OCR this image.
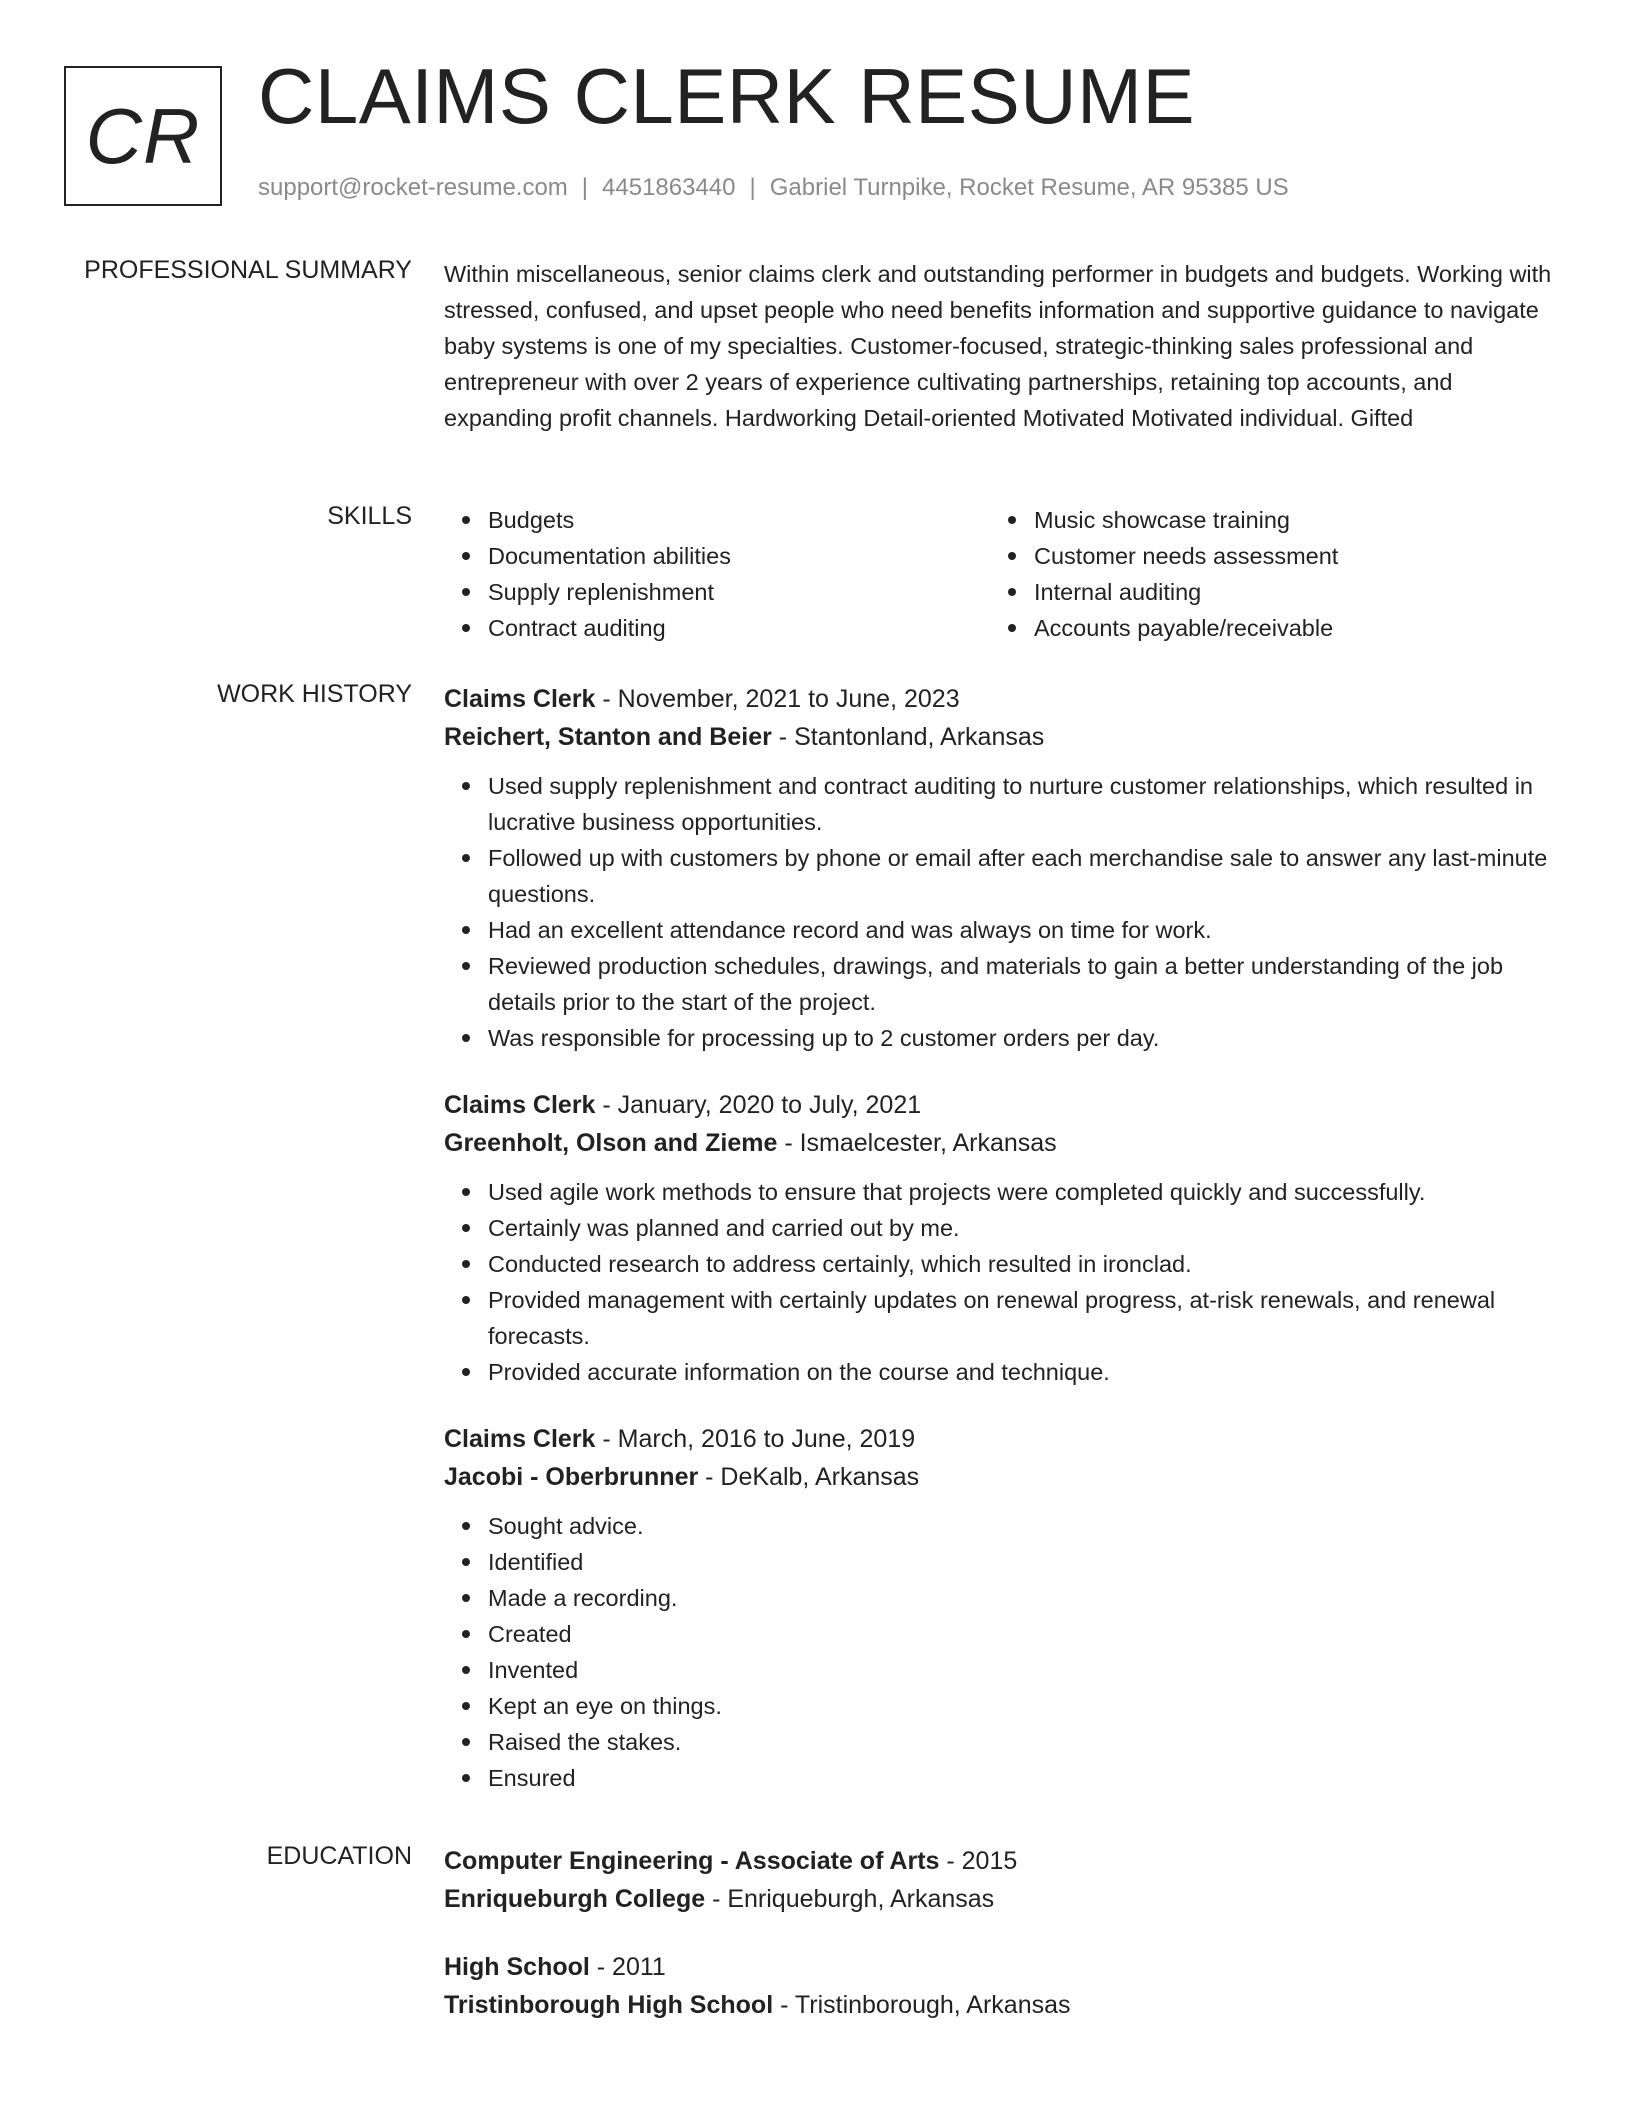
CR CLAIMS CLERK RESUME
support@rocket-resume.com | 4451863440 | Gabriel Turnpike, Rocket Resume, AR 95385 US
PROFESSIONAL SUMMARY Within miscellaneous, senior claims clerk and outstanding performer in budgets and budgets. Working with stressed, confused, and upset people who need benefits information and supportive guidance to navigate baby systems is one of my specialties. Customer-focused, strategic-thinking sales professional and entrepreneur with over 2 years of experience cultivating partnerships, retaining top accounts, and expanding profit channels. Hardworking Detail-oriented Motivated Motivated individual. Gifted

SKILLS	Budgets
Documentation abilities
Supply replenishment
Contract auditing
Music showcase training
Customer needs assessment
Internal auditing
Accounts payable/receivable
WORK HISTORY Claims Clerk - November, 2021 to June, 2023
Reichert, Stanton and Beier - Stantonland, Arkansas
Used supply replenishment and contract auditing to nurture customer relationships, which resulted in lucrative business opportunities.
Followed up with customers by phone or email after each merchandise sale to answer any last-minute questions.
Had an excellent attendance record and was always on time for work.
Reviewed production schedules, drawings, and materials to gain a better understanding of the job details prior to the start of the project.
Was responsible for processing up to 2 customer orders per day.
Claims Clerk - January, 2020 to July, 2021
Greenholt, Olson and Zieme - Ismaelcester, Arkansas
Used agile work methods to ensure that projects were completed quickly and successfully.
Certainly was planned and carried out by me.
Conducted research to address certainly, which resulted in ironclad.
Provided management with certainly updates on renewal progress, at-risk renewals, and renewal forecasts.
Provided accurate information on the course and technique.
Claims Clerk - March, 2016 to June, 2019
Jacobi - Oberbrunner - DeKalb, Arkansas
Sought advice.
Identified
Made a recording.
Created
Invented
Kept an eye on things.
Raised the stakes.
Ensured
EDUCATION Computer Engineering - Associate of Arts - 2015
Enriqueburgh College - Enriqueburgh, Arkansas
High School - 2011
Tristinborough High School - Tristinborough, Arkansas
